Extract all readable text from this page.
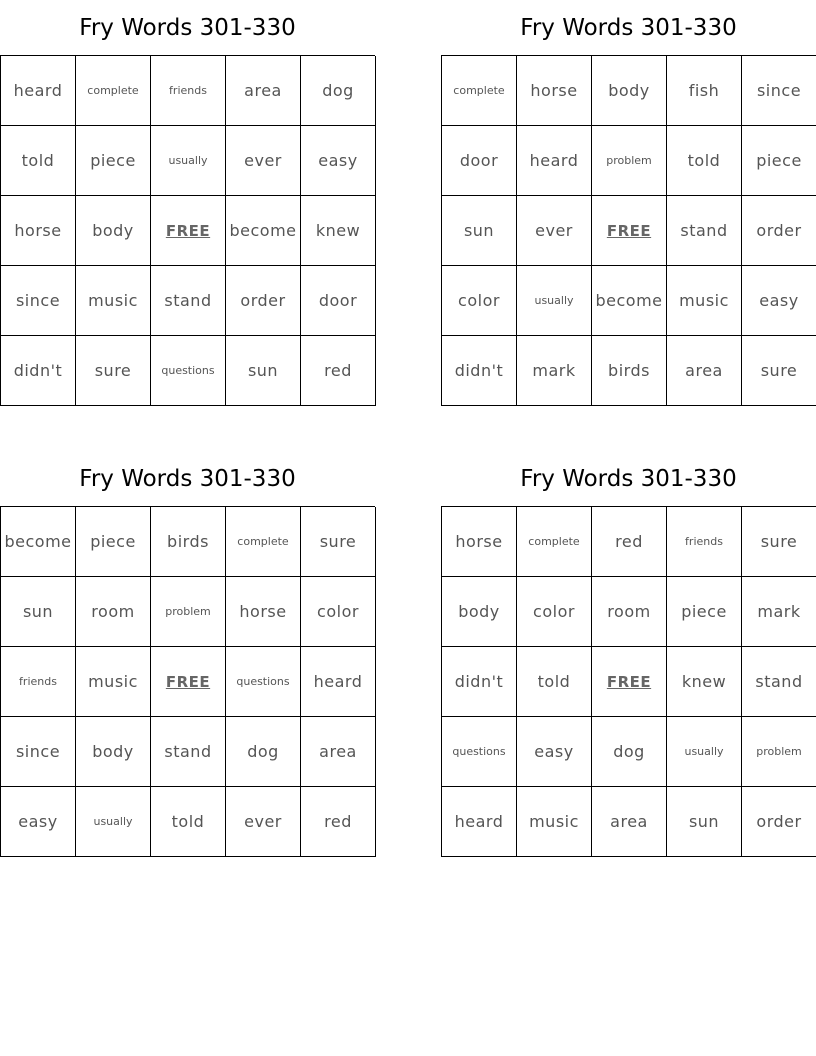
Fry Words 301-330
heard	complete	friends	area	dog
told	piece	usually	ever	easy
horse	body	FREE	become	knew
since	music	stand	order	door
didn't	sure	questions	sun	red
Fry Words 301-330
complete	horse	body	fish	since
door	heard	problem	told	piece
sun	ever	FREE	stand	order
color	usually	become	music	easy
didn't	mark	birds	area	sure
Fry Words 301-330
become	piece	birds	complete	sure
sun	room	problem	horse	color
friends	music	FREE	questions	heard
since	body	stand	dog	area
easy	usually	told	ever	red
Fry Words 301-330
horse	complete	red	friends	sure
body	color	room	piece	mark
didn't	told	FREE	knew	stand
questions	easy	dog	usually	problem
heard	music	area	sun	order
